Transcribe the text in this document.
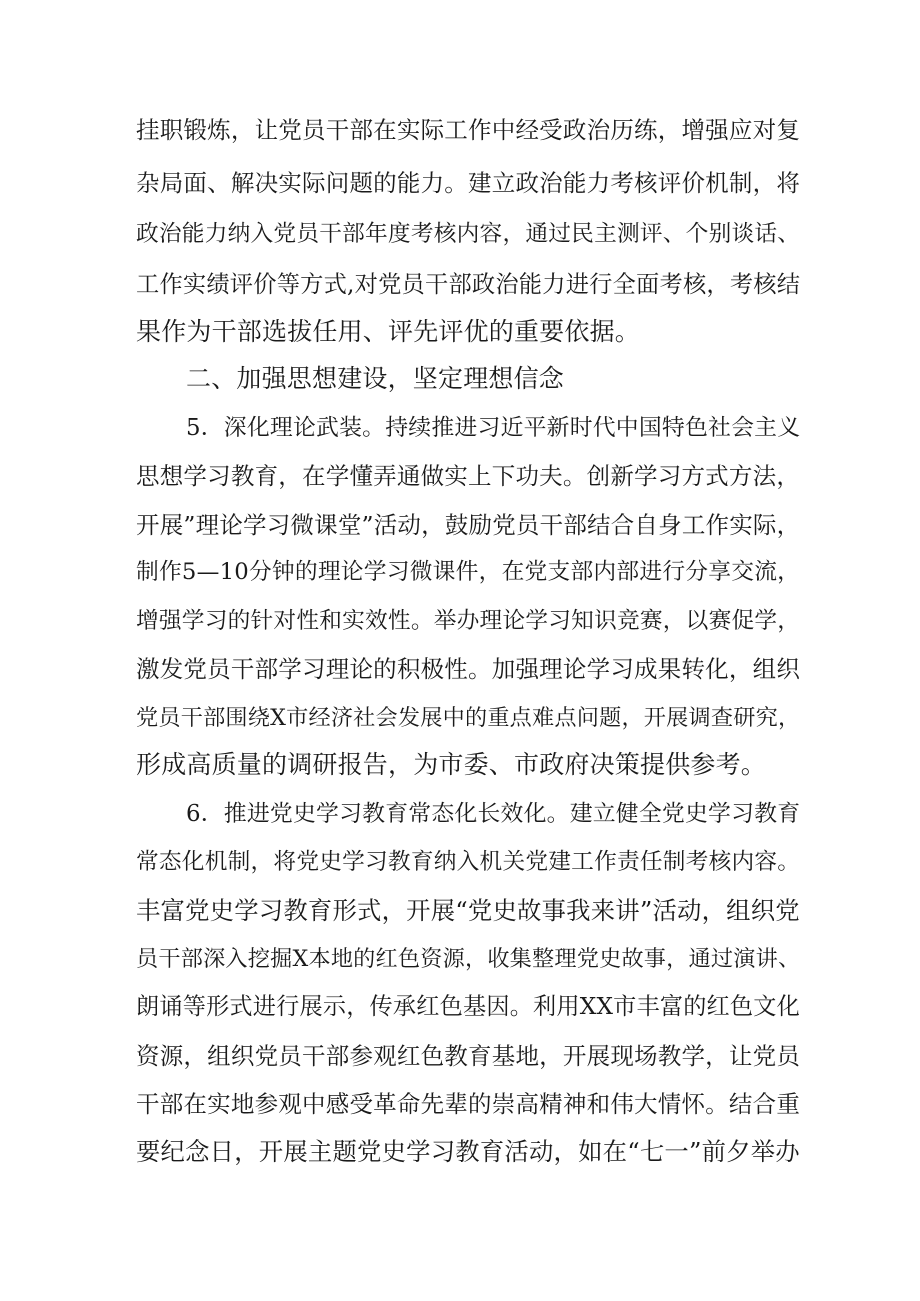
挂职锻炼，让党员干部在实际工作中经受政治历练，增强应对复

杂局面、解决实际问题的能力。建立政治能力考核评价机制，将

政治能力纳入党员干部年度考核内容，通过民主测评、个别谈话、

工作实绩评价等方式,对党员干部政治能力进行全面考核，考核结

果作为干部选拔任用、评先评优的重要依据。

二、加强思想建设，坚定理想信念

5．深化理论武装。持续推进习近平新时代中国特色社会主义

思想学习教育，在学懂弄通做实上下功夫。创新学习方式方法，

开展”理论学习微课堂”活动，鼓励党员干部结合自身工作实际，

制作5—10分钟的理论学习微课件，在党支部内部进行分享交流，

增强学习的针对性和实效性。举办理论学习知识竞赛，以赛促学，

激发党员干部学习理论的积极性。加强理论学习成果转化，组织

党员干部围绕X市经济社会发展中的重点难点问题，开展调查研究，

形成高质量的调研报告，为市委、市政府决策提供参考。

6．推进党史学习教育常态化长效化。建立健全党史学习教育

常态化机制，将党史学习教育纳入机关党建工作责任制考核内容。

丰富党史学习教育形式，开展“党史故事我来讲”活动，组织党

员干部深入挖掘X本地的红色资源，收集整理党史故事，通过演讲、

朗诵等形式进行展示，传承红色基因。利用XX市丰富的红色文化

资源，组织党员干部参观红色教育基地，开展现场教学，让党员

干部在实地参观中感受革命先辈的崇高精神和伟大情怀。结合重

要纪念日，开展主题党史学习教育活动，如在“七一”前夕举办
